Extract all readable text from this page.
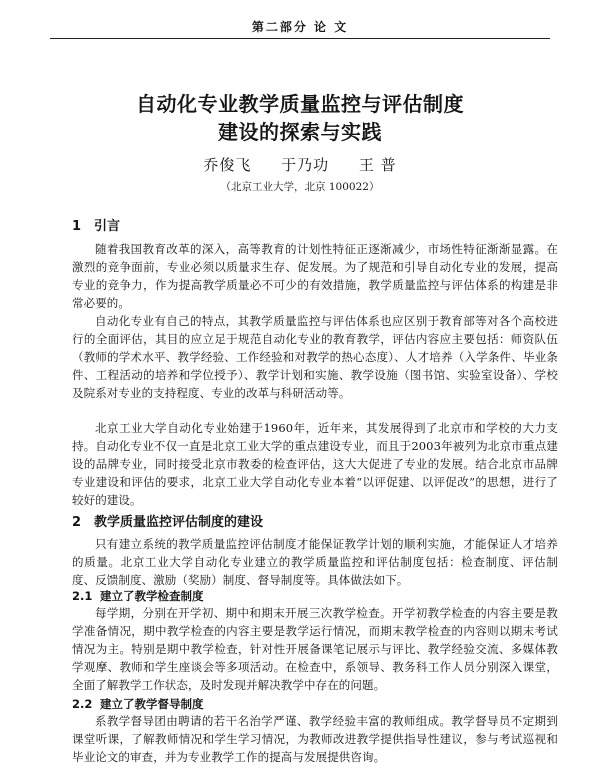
第二部分 论 文
自动化专业教学质量监控与评估制度
建设的探索与实践
乔俊飞 于乃功 王 普
（北京工业大学，北京 100022）
1 引言

随着我国教育改革的深入，高等教育的计划性特征正逐渐减少，市场性特征渐渐显露。在激烈的竞争面前，专业必须以质量求生存、促发展。为了规范和引导自动化专业的发展，提高专业的竞争力，作为提高教学质量必不可少的有效措施，教学质量监控与评估体系的构建是非常必要的。

自动化专业有自己的特点，其教学质量监控与评估体系也应区别于教育部等对各个高校进行的全面评估，其目的应立足于规范自动化专业的教育教学，评估内容应主要包括：师资队伍（教师的学术水平、教学经验、工作经验和对教学的热心态度）、人才培养（入学条件、毕业条件、工程活动的培养和学位授予）、教学计划和实施、教学设施（图书馆、实验室设备）、学校及院系对专业的支持程度、专业的改革与科研活动等。

北京工业大学自动化专业始建于1960年，近年来，其发展得到了北京市和学校的大力支持。自动化专业不仅一直是北京工业大学的重点建设专业，而且于2003年被列为北京市重点建设的品牌专业，同时接受北京市教委的检查评估，这大大促进了专业的发展。结合北京市品牌专业建设和评估的要求，北京工业大学自动化专业本着“以评促建、以评促改”的思想，进行了较好的建设。

2 教学质量监控评估制度的建设

只有建立系统的教学质量监控评估制度才能保证教学计划的顺利实施，才能保证人才培养的质量。北京工业大学自动化专业建立的教学质量监控和评估制度包括：检查制度、评估制度、反馈制度、激励（奖励）制度、督导制度等。具体做法如下。

2.1 建立了教学检查制度

每学期，分别在开学初、期中和期末开展三次教学检查。开学初教学检查的内容主要是教学准备情况，期中教学检查的内容主要是教学运行情况，而期末教学检查的内容则以期末考试情况为主。特别是期中教学检查，针对性开展备课笔记展示与评比、教学经验交流、多媒体教学观摩、教师和学生座谈会等多项活动。在检查中，系领导、教务科工作人员分别深入课堂，全面了解教学工作状态，及时发现并解决教学中存在的问题。

2.2 建立了教学督导制度

系教学督导团由聘请的若干名治学严谨、教学经验丰富的教师组成。教学督导员不定期到课堂听课，了解教师情况和学生学习情况，为教师改进教学提供指导性建议，参与考试巡视和毕业论文的审查，并为专业教学工作的提高与发展提供咨询。
